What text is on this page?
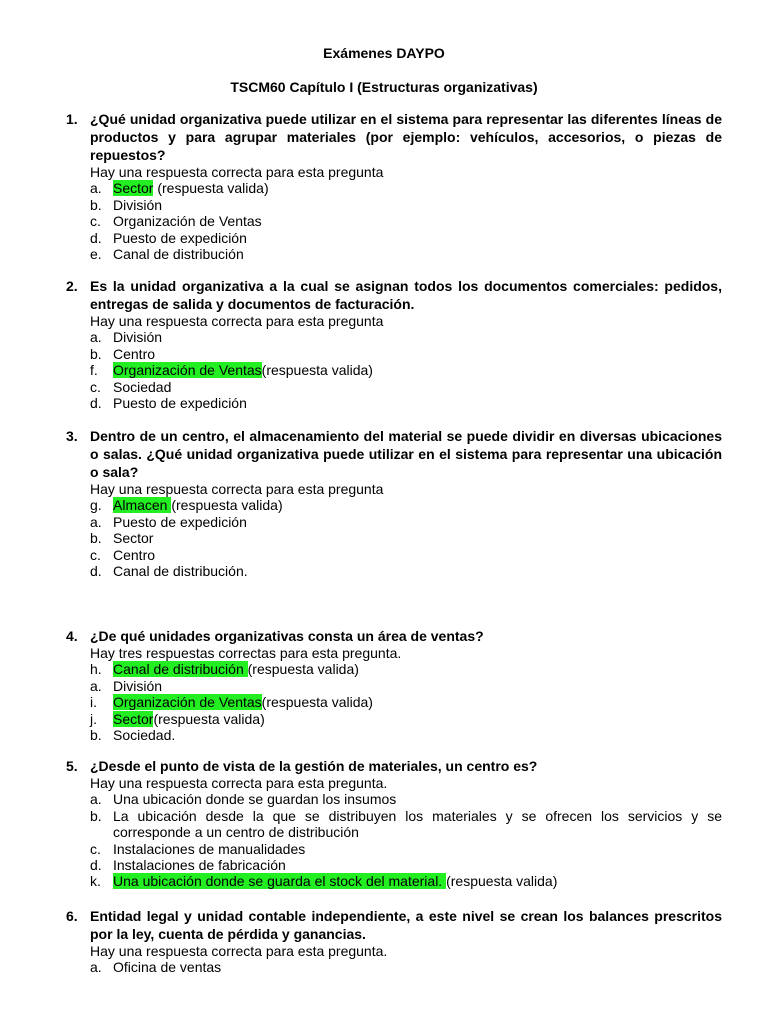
Exámenes DAYPO
TSCM60 Capítulo I (Estructuras organizativas)
1. ¿Qué unidad organizativa puede utilizar en el sistema para representar las diferentes líneas de productos y para agrupar materiales (por ejemplo: vehículos, accesorios, o piezas de repuestos?
Hay una respuesta correcta para esta pregunta
a. Sector (respuesta valida)
b. División
c. Organización de Ventas
d. Puesto de expedición
e. Canal de distribución
2. Es la unidad organizativa a la cual se asignan todos los documentos comerciales: pedidos, entregas de salida y documentos de facturación.
Hay una respuesta correcta para esta pregunta
a. División
b. Centro
f.	Organización de Ventas(respuesta valida)
c. Sociedad
d. Puesto de expedición
3. Dentro de un centro, el almacenamiento del material se puede dividir en diversas ubicaciones o salas. ¿Qué unidad organizativa puede utilizar en el sistema para representar una ubicación o sala?
Hay una respuesta correcta para esta pregunta
g. Almacen (respuesta valida)
a. Puesto de expedición
b. Sector
c. Centro
d. Canal de distribución.
4. ¿De qué unidades organizativas consta un área de ventas?
Hay tres respuestas correctas para esta pregunta.
h. Canal de distribución (respuesta valida)
a. División
i.	Organización de Ventas(respuesta valida)
j.	Sector(respuesta valida)
b. Sociedad.
5. ¿Desde el punto de vista de la gestión de materiales, un centro es?
Hay una respuesta correcta para esta pregunta.
a. Una ubicación donde se guardan los insumos
b. La ubicación desde la que se distribuyen los materiales y se ofrecen los servicios y se corresponde a un centro de distribución
c. Instalaciones de manualidades
d. Instalaciones de fabricación
k. Una ubicación donde se guarda el stock del material. (respuesta valida)
6. Entidad legal y unidad contable independiente, a este nivel se crean los balances prescritos por la ley, cuenta de pérdida y ganancias.
Hay una respuesta correcta para esta pregunta.
a. Oficina de ventas
